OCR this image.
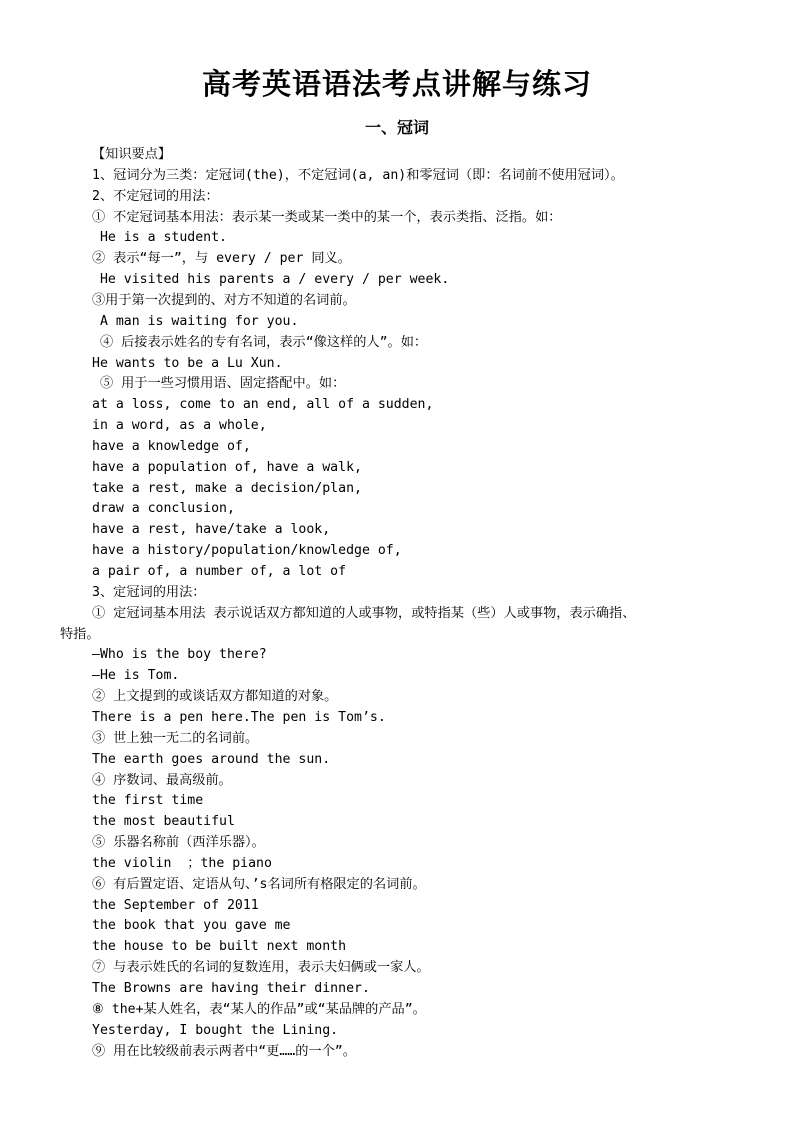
高考英语语法考点讲解与练习
一、冠词
【知识要点】
1、冠词分为三类：定冠词(the)，不定冠词(a, an)和零冠词（即：名词前不使用冠词）。
2、不定冠词的用法：
① 不定冠词基本用法：表示某一类或某一类中的某一个，表示类指、泛指。如：
He is a student.
② 表示“每一”，与 every / per 同义。
He visited his parents a / every / per week.
③用于第一次提到的、对方不知道的名词前。
A man is waiting for you.
④ 后接表示姓名的专有名词，表示“像这样的人”。如：
He wants to be a Lu Xun.
⑤ 用于一些习惯用语、固定搭配中。如：
at a loss, come to an end, all of a sudden,
in a word, as a whole,
have a knowledge of,
have a population of, have a walk,
take a rest, make a decision/plan,
draw a conclusion,
have a rest, have/take a look,
have a history/population/knowledge of,
a pair of, a number of, a lot of
3、定冠词的用法：
① 定冠词基本用法 表示说话双方都知道的人或事物，或特指某（些）人或事物，表示确指、
特指。
—Who is the boy there?
—He is Tom.
② 上文提到的或谈话双方都知道的对象。
There is a pen here.The pen is Tom’s.
③ 世上独一无二的名词前。
The earth goes around the sun.
④ 序数词、最高级前。
the first time
the most beautiful
⑤ 乐器名称前（西洋乐器）。
the violin  ；the piano
⑥ 有后置定语、定语从句、’s名词所有格限定的名词前。
the September of 2011
the book that you gave me
the house to be built next month
⑦ 与表示姓氏的名词的复数连用，表示夫妇俩或一家人。
The Browns are having their dinner.
⑧ the+某人姓名，表“某人的作品”或“某品牌的产品”。
Yesterday, I bought the Lining.
⑨ 用在比较级前表示两者中“更……的一个”。
